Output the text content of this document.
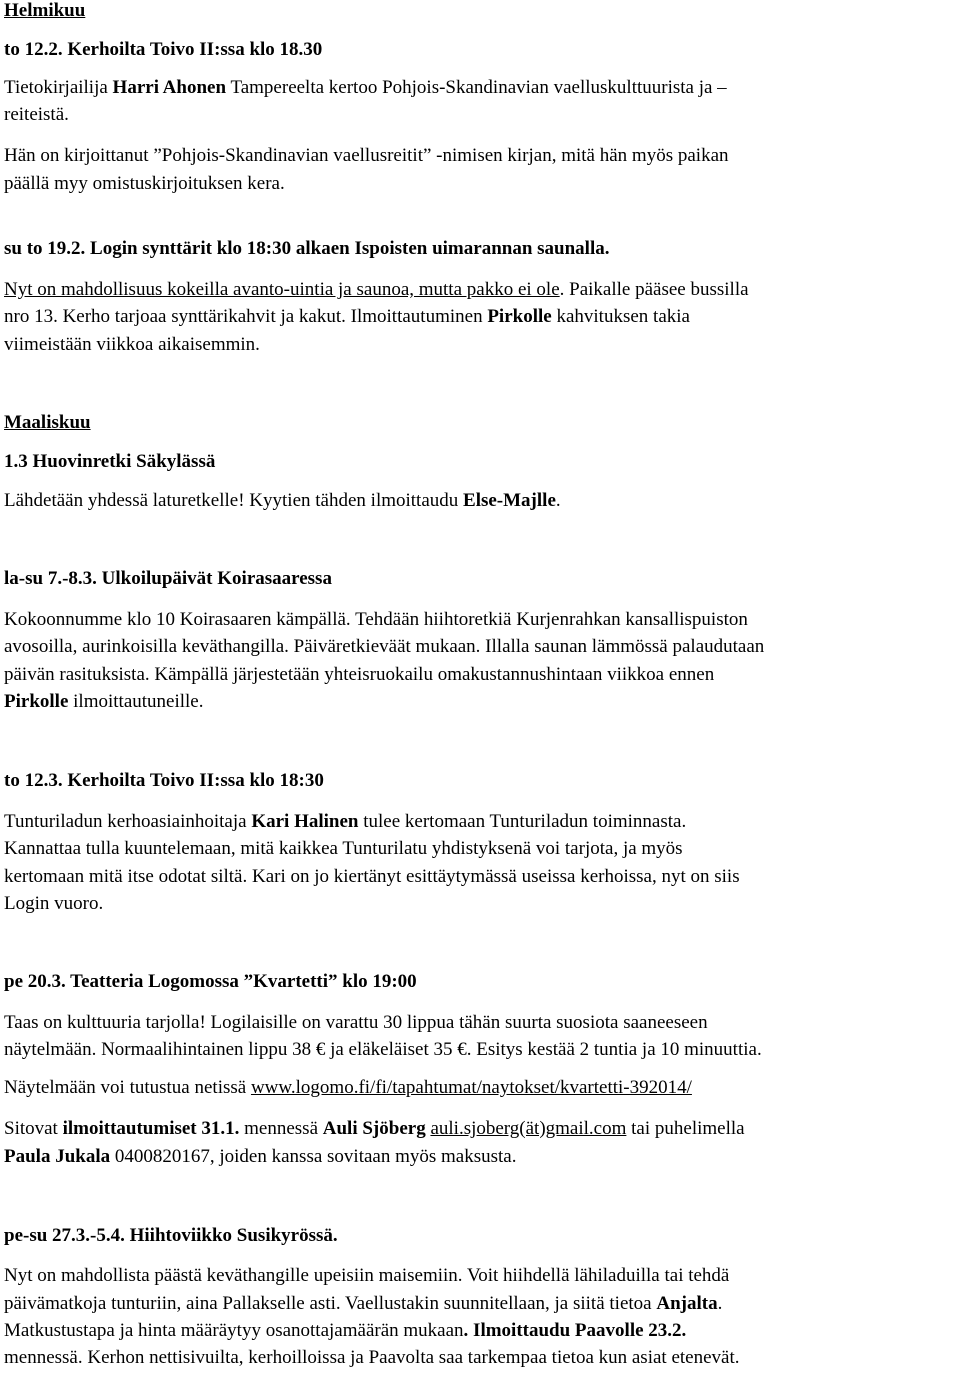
Helmikuu
to 12.2. Kerhoilta Toivo II:ssa klo 18.30
Tietokirjailija Harri Ahonen Tampereelta kertoo Pohjois-Skandinavian vaelluskulttuurista ja –
reiteistä.
Hän on kirjoittanut ”Pohjois-Skandinavian vaellusreitit” -nimisen kirjan, mitä hän myös paikan
päällä myy omistuskirjoituksen kera.
su to 19.2. Login synttärit klo 18:30 alkaen Ispoisten uimarannan saunalla.
Nyt on mahdollisuus kokeilla avanto-uintia ja saunoa, mutta pakko ei ole. Paikalle pääsee bussilla
nro 13. Kerho tarjoaa synttärikahvit ja kakut. Ilmoittautuminen Pirkolle kahvituksen takia
viimeistään viikkoa aikaisemmin.
Maaliskuu
1.3 Huovinretki Säkylässä
Lähdetään yhdessä laturetkelle! Kyytien tähden ilmoittaudu Else-Majlle.
la-su 7.-8.3. Ulkoilupäivät Koirasaaressa
Kokoonnumme klo 10 Koirasaaren kämpällä. Tehdään hiihtoretkiä Kurjenrahkan kansallispuiston
avosoilla, aurinkoisilla keväthangilla. Päiväretkieväät mukaan. Illalla saunan lämmössä palaudutaan
päivän rasituksista. Kämpällä järjestetään yhteisruokailu omakustannushintaan viikkoa ennen
Pirkolle ilmoittautuneille.
to 12.3. Kerhoilta Toivo II:ssa klo 18:30
Tunturiladun kerhoasiainhoitaja Kari Halinen tulee kertomaan Tunturiladun toiminnasta.
Kannattaa tulla kuuntelemaan, mitä kaikkea Tunturilatu yhdistyksenä voi tarjota, ja myös
kertomaan mitä itse odotat siltä. Kari on jo kiertänyt esittäytymässä useissa kerhoissa, nyt on siis
Login vuoro.
pe 20.3. Teatteria Logomossa ”Kvartetti” klo 19:00
Taas on kulttuuria tarjolla! Logilaisille on varattu 30 lippua tähän suurta suosiota saaneeseen
näytelmään. Normaalihintainen lippu 38 € ja eläkeläiset 35 €. Esitys kestää 2 tuntia ja 10 minuuttia.
Näytelmään voi tutustua netissä www.logomo.fi/fi/tapahtumat/naytokset/kvartetti-392014/
Sitovat ilmoittautumiset 31.1. mennessä Auli Sjöberg auli.sjoberg(ät)gmail.com tai puhelimella
Paula Jukala 0400820167, joiden kanssa sovitaan myös maksusta.
pe-su 27.3.-5.4. Hiihtoviikko Susikyrössä.
Nyt on mahdollista päästä keväthangille upeisiin maisemiin. Voit hiihdellä lähiladuilla tai tehdä
päivämatkoja tunturiin, aina Pallakselle asti. Vaellustakin suunnitellaan, ja siitä tietoa Anjalta.
Matkustustapa ja hinta määräytyy osanottajamäärän mukaan. Ilmoittaudu Paavolle 23.2.
mennessä. Kerhon nettisivuilta, kerhoilloissa ja Paavolta saa tarkempaa tietoa kun asiat etenevät.
